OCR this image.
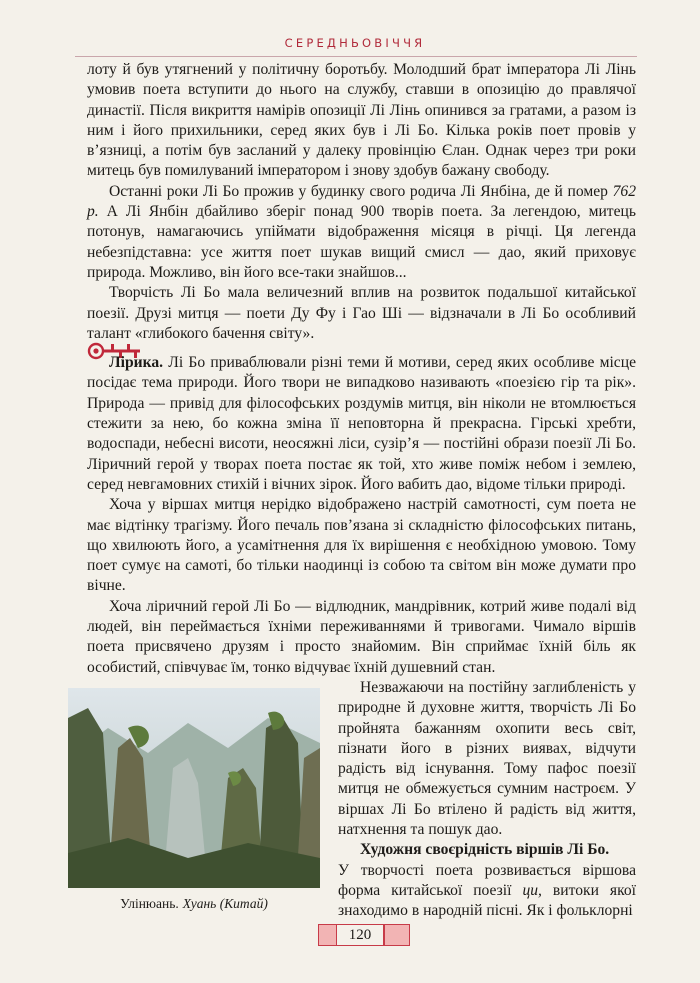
СЕРЕДНЬОВІЧЧЯ

лоту й був утягнений у політичну боротьбу. Молодший брат імператора Лі Лінь умовив поета вступити до нього на службу, ставши в опозицію до правлячої династії. Після викриття намірів опозиції Лі Лінь опинився за гратами, а разом із ним і його прихильники, серед яких був і Лі Бо. Кілька років поет провів у в’язниці, а потім був засланий у далеку провінцію Єлан. Однак через три роки митець був помилуваний імператором і знову здобув бажану свободу.

Останні роки Лі Бо прожив у будинку свого родича Лі Янбіна, де й помер 762 р. А Лі Янбін дбайливо зберіг понад 900 творів поета. За легендою, митець потонув, намагаючись упіймати відображення місяця в річці. Ця легенда небезпідставна: усе життя поет шукав вищий смисл — дао, який приховує природа. Можливо, він його все-таки знайшов...

Творчість Лі Бо мала величезний вплив на розвиток подальшої китайської поезії. Друзі митця — поети Ду Фу і Гао Ші — відзначали в Лі Бо особливий талант «глибокого бачення світу».

Лірика. Лі Бо приваблювали різні теми й мотиви, серед яких особливе місце посідає тема природи. Його твори не випадково називають «поезією гір та рік». Природа — привід для філософських роздумів митця, він ніколи не втомлюється стежити за нею, бо кожна зміна її неповторна й прекрасна. Гірські хребти, водоспади, небесні висоти, неосяжні ліси, сузір’я — постійні образи поезії Лі Бо. Ліричний герой у творах поета постає як той, хто живе поміж небом і землею, серед невгамовних стихій і вічних зірок. Його вабить дао, відоме тільки природі.

Хоча у віршах митця нерідко відображено настрій самотності, сум поета не має відтінку трагізму. Його печаль пов’язана зі складністю філософських питань, що хвилюють його, а усамітнення для їх вирішення є необхідною умовою. Тому поет сумує на самоті, бо тільки наодинці із собою та світом він може думати про вічне.

Хоча ліричний герой Лі Бо — відлюдник, мандрівник, котрий живе подалі від людей, він переймається їхніми переживаннями й тривогами. Чимало віршів поета присвячено друзям і просто знайомим. Він сприймає їхній біль як особистий, співчуває їм, тонко відчуває їхній душевний стан.

Улінюань. Хуань (Китай)

Незважаючи на постійну заглибленість у природне й духовне життя, творчість Лі Бо пройнята бажанням охопити весь світ, пізнати його в різних виявах, відчути радість від існування. Тому пафос поезії митця не обмежується сумним настроєм. У віршах Лі Бо втілено й радість від життя, натхнення та пошук дао.

Художня своєрідність віршів Лі Бо.

У творчості поета розвивається віршова форма китайської поезії ци, витоки якої знаходимо в народній пісні. Як і фольклорні

120
